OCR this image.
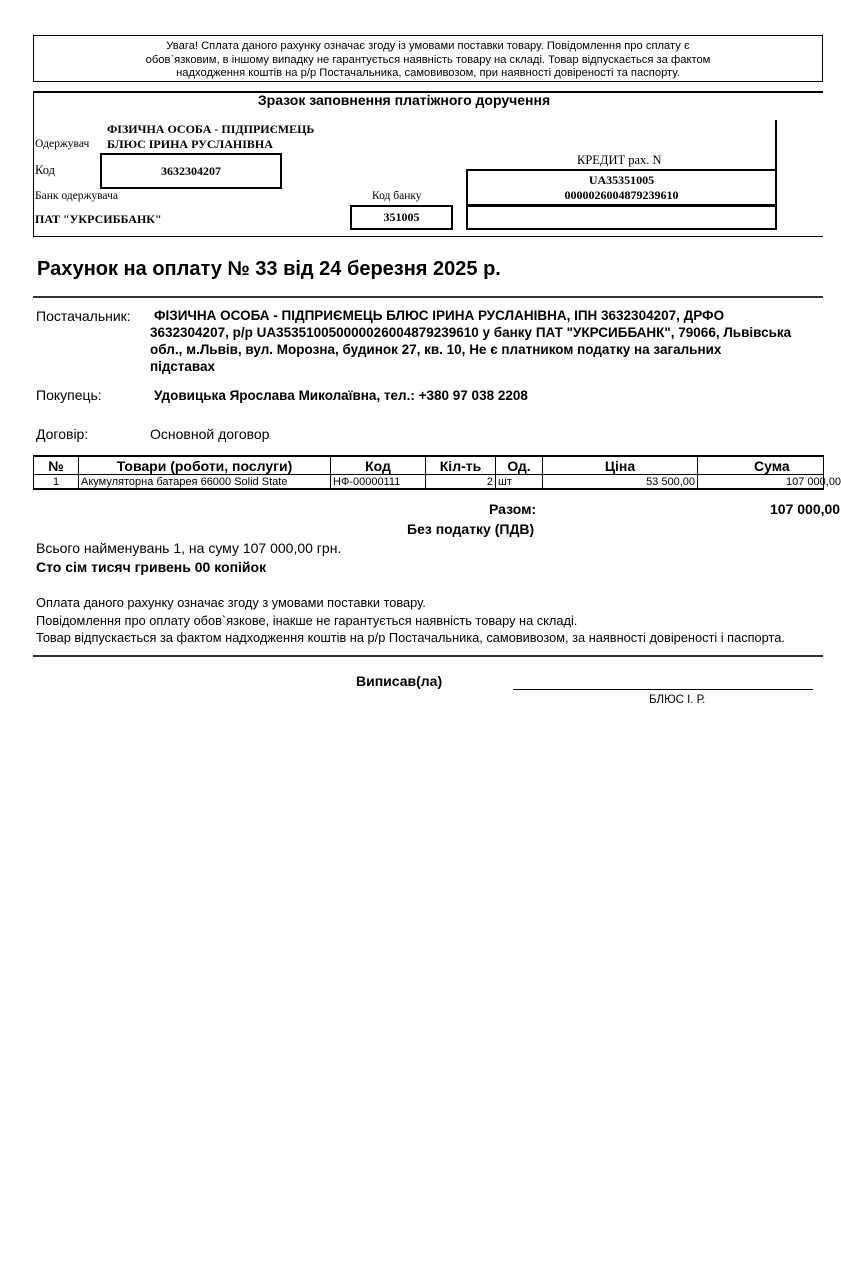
Увага! Сплата даного рахунку означає згоду із умовами поставки товару. Повідомлення про сплату є
обов`язковим, в іншому випадку не гарантується наявність товару на складі. Товар відпускається за фактом
надходження коштів на р/р Постачальника, самовивозом, при наявності довіреності та паспорту.
Зразок заповнення платіжного доручення
Одержувач
ФІЗИЧНА ОСОБА - ПІДПРИЄМЕЦЬ
БЛЮС ІРИНА РУСЛАНІВНА
Код	3632304207
КРЕДИТ рах. N
UA35351005
0000026004879239610
Банк одержувача
ПАТ "УКРСИББАНК"
Код банку
351005
Рахунок на оплату № 33 від 24 березня 2025 р.
Постачальник: ФІЗИЧНА ОСОБА - ПІДПРИЄМЕЦЬ БЛЮС ІРИНА РУСЛАНІВНА, ІПН 3632304207, ДРФО
3632304207, р/р UA353510050000026004879239610 у банку ПАТ "УКРСИББАНК", 79066, Львівська
обл., м.Львів, вул. Морозна, будинок 27, кв. 10, Не є платником податку на загальних
підставах
Покупець:	Удовицька Ярослава Миколаївна, тел.: +380 97 038 2208
Договір:	Основной договор
№	Товари (роботи, послуги)	Код	Кіл-ть	Од.	Ціна	Сума
1	Акумуляторна батарея 66000 Solid State	НФ-00000111	2	шт	53 500,00	107 000,00
Разом:	107 000,00
Без податку (ПДВ)
Всього найменувань 1, на суму 107 000,00 грн.
Сто сім тисяч гривень 00 копійок
Оплата даного рахунку означає згоду з умовами поставки товару.
Повідомлення про оплату обов`язкове, інакше не гарантується наявність товару на складі.
Товар відпускається за фактом надходження коштів на р/р Постачальника, самовивозом, за наявності довіреності і паспорта.
Виписав(ла)
БЛЮС І. Р.
